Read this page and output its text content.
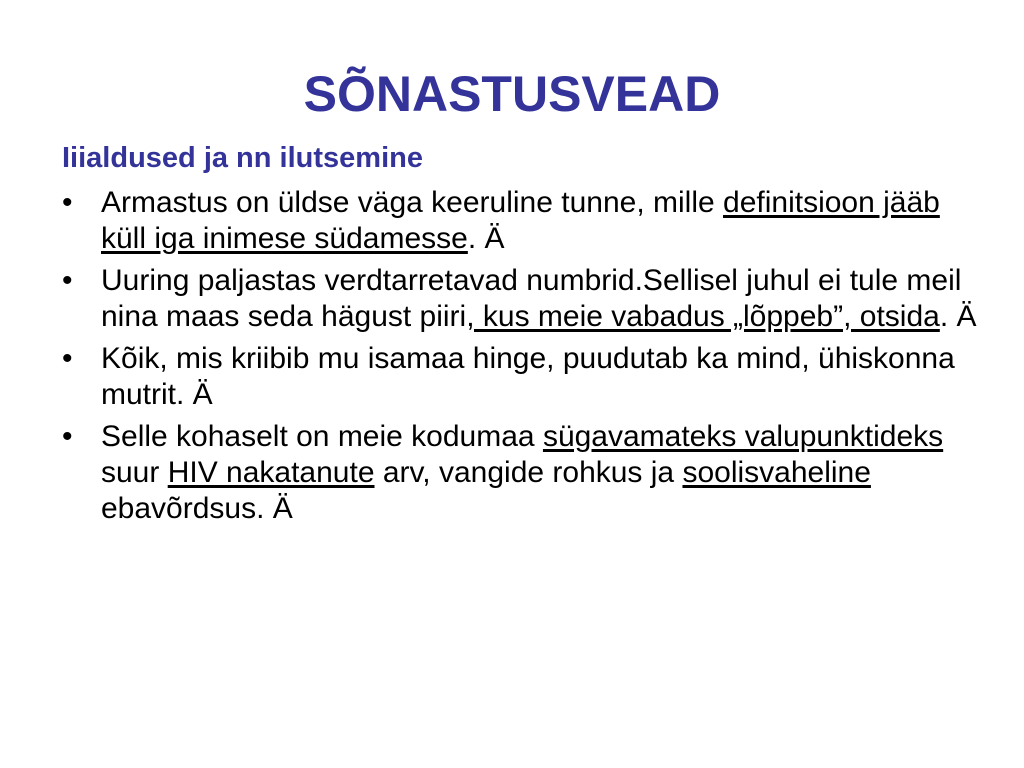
SÕNASTUSVEAD
Iiialdused ja nn ilutsemine
• Armastus on üldse väga keeruline tunne, mille definitsioon jääb küll iga inimese südamesse. Ä
• Uuring paljastas verdtarretavad numbrid.Sellisel juhul ei tule meil nina maas seda hägust piiri, kus meie vabadus „lõppeb”, otsida. Ä
• Kõik, mis kriibib mu isamaa hinge, puudutab ka mind, ühiskonna mutrit. Ä
• Selle kohaselt on meie kodumaa sügavamateks valupunktideks suur HIV nakatanute arv, vangide rohkus ja soolisvaheline ebavõrdsus. Ä
